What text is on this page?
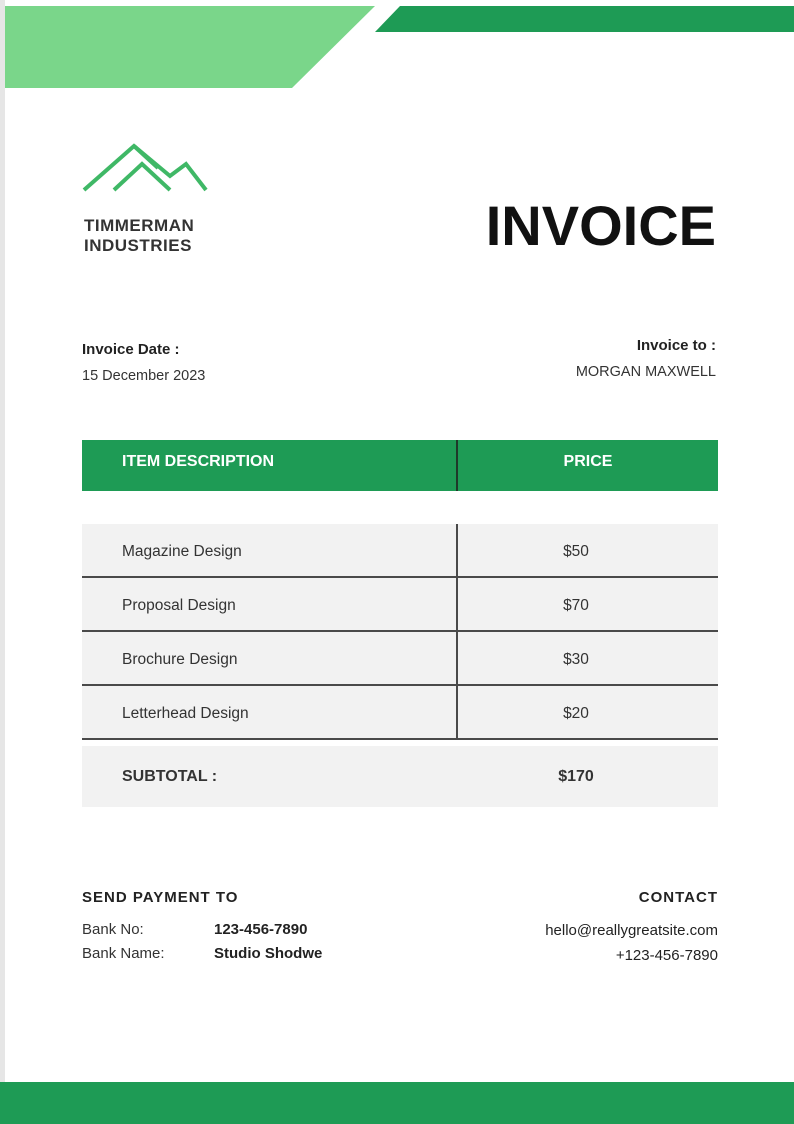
TIMMERMAN
INDUSTRIES	INVOICE
Invoice Date :
15 December 2023
Invoice to :
MORGAN MAXWELL
ITEM DESCRIPTION	PRICE
Magazine Design	$50
Proposal Design	$70
Brochure Design	$30
Letterhead Design	$20
SUBTOTAL :	$170
SEND PAYMENT TO
Bank No:	123-456-7890
Bank Name:	Studio Shodwe
CONTACT
hello@reallygreatsite.com
+123-456-7890
